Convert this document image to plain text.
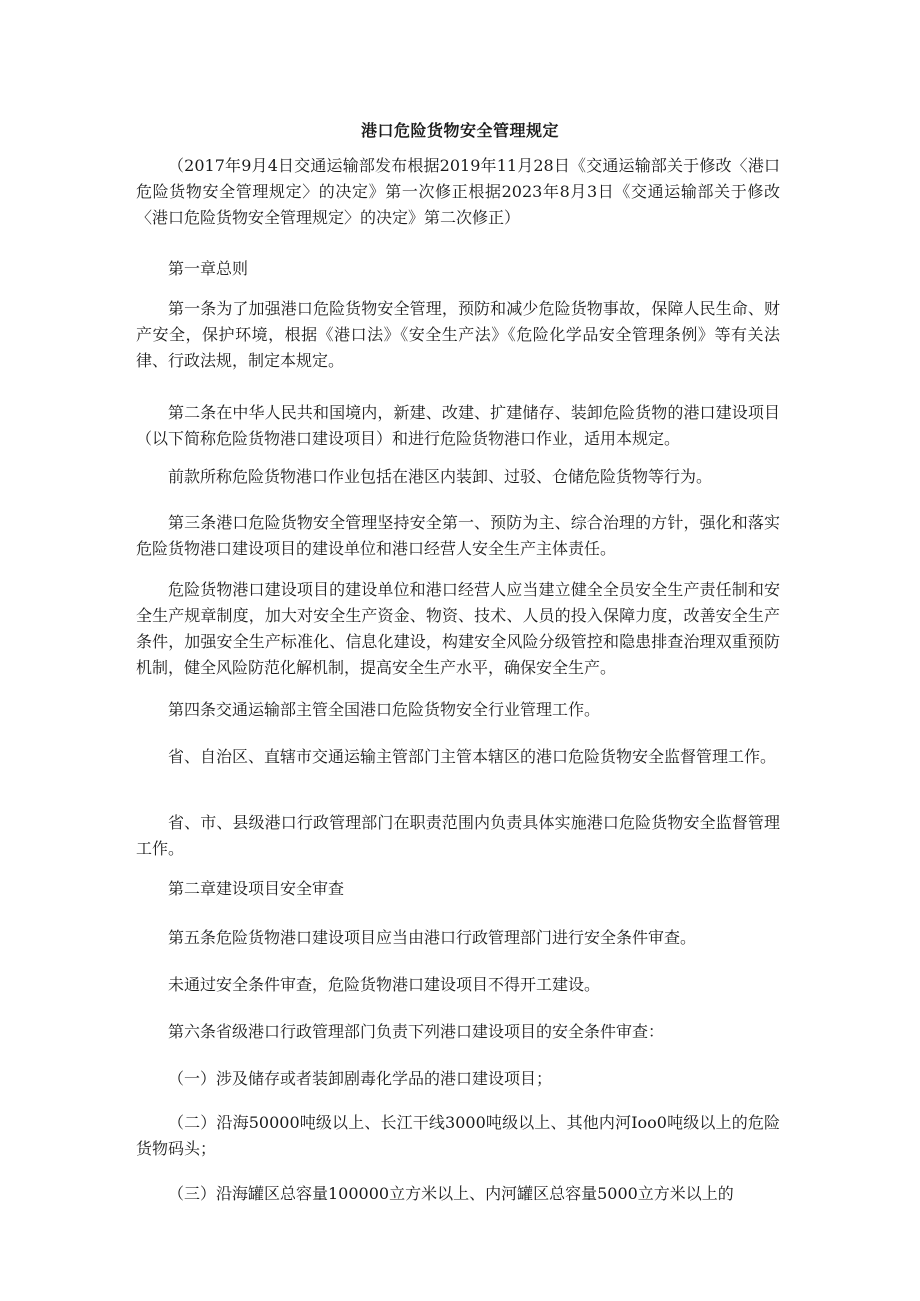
港口危险货物安全管理规定

（2017年9月4日交通运输部发布根据2019年11月28日《交通运输部关于修改〈港口危险货物安全管理规定〉的决定》第一次修正根据2023年8月3日《交通运输部关于修改〈港口危险货物安全管理规定〉的决定》第二次修正）

第一章总则

第一条为了加强港口危险货物安全管理，预防和减少危险货物事故，保障人民生命、财产安全，保护环境，根据《港口法》《安全生产法》《危险化学品安全管理条例》等有关法律、行政法规，制定本规定。

第二条在中华人民共和国境内，新建、改建、扩建储存、装卸危险货物的港口建设项目（以下简称危险货物港口建设项目）和进行危险货物港口作业，适用本规定。

前款所称危险货物港口作业包括在港区内装卸、过驳、仓储危险货物等行为。

第三条港口危险货物安全管理坚持安全第一、预防为主、综合治理的方针，强化和落实危险货物港口建设项目的建设单位和港口经营人安全生产主体责任。

危险货物港口建设项目的建设单位和港口经营人应当建立健全全员安全生产责任制和安全生产规章制度，加大对安全生产资金、物资、技术、人员的投入保障力度，改善安全生产条件，加强安全生产标准化、信息化建设，构建安全风险分级管控和隐患排查治理双重预防机制，健全风险防范化解机制，提高安全生产水平，确保安全生产。

第四条交通运输部主管全国港口危险货物安全行业管理工作。

省、自治区、直辖市交通运输主管部门主管本辖区的港口危险货物安全监督管理工作。

省、市、县级港口行政管理部门在职责范围内负责具体实施港口危险货物安全监督管理工作。

第二章建设项目安全审查

第五条危险货物港口建设项目应当由港口行政管理部门进行安全条件审查。

未通过安全条件审查，危险货物港口建设项目不得开工建设。

第六条省级港口行政管理部门负责下列港口建设项目的安全条件审查：

（一）涉及储存或者装卸剧毒化学品的港口建设项目；

（二）沿海50000吨级以上、长江干线3000吨级以上、其他内河Ioo0吨级以上的危险货物码头；

（三）沿海罐区总容量100000立方米以上、内河罐区总容量5000立方米以上的
